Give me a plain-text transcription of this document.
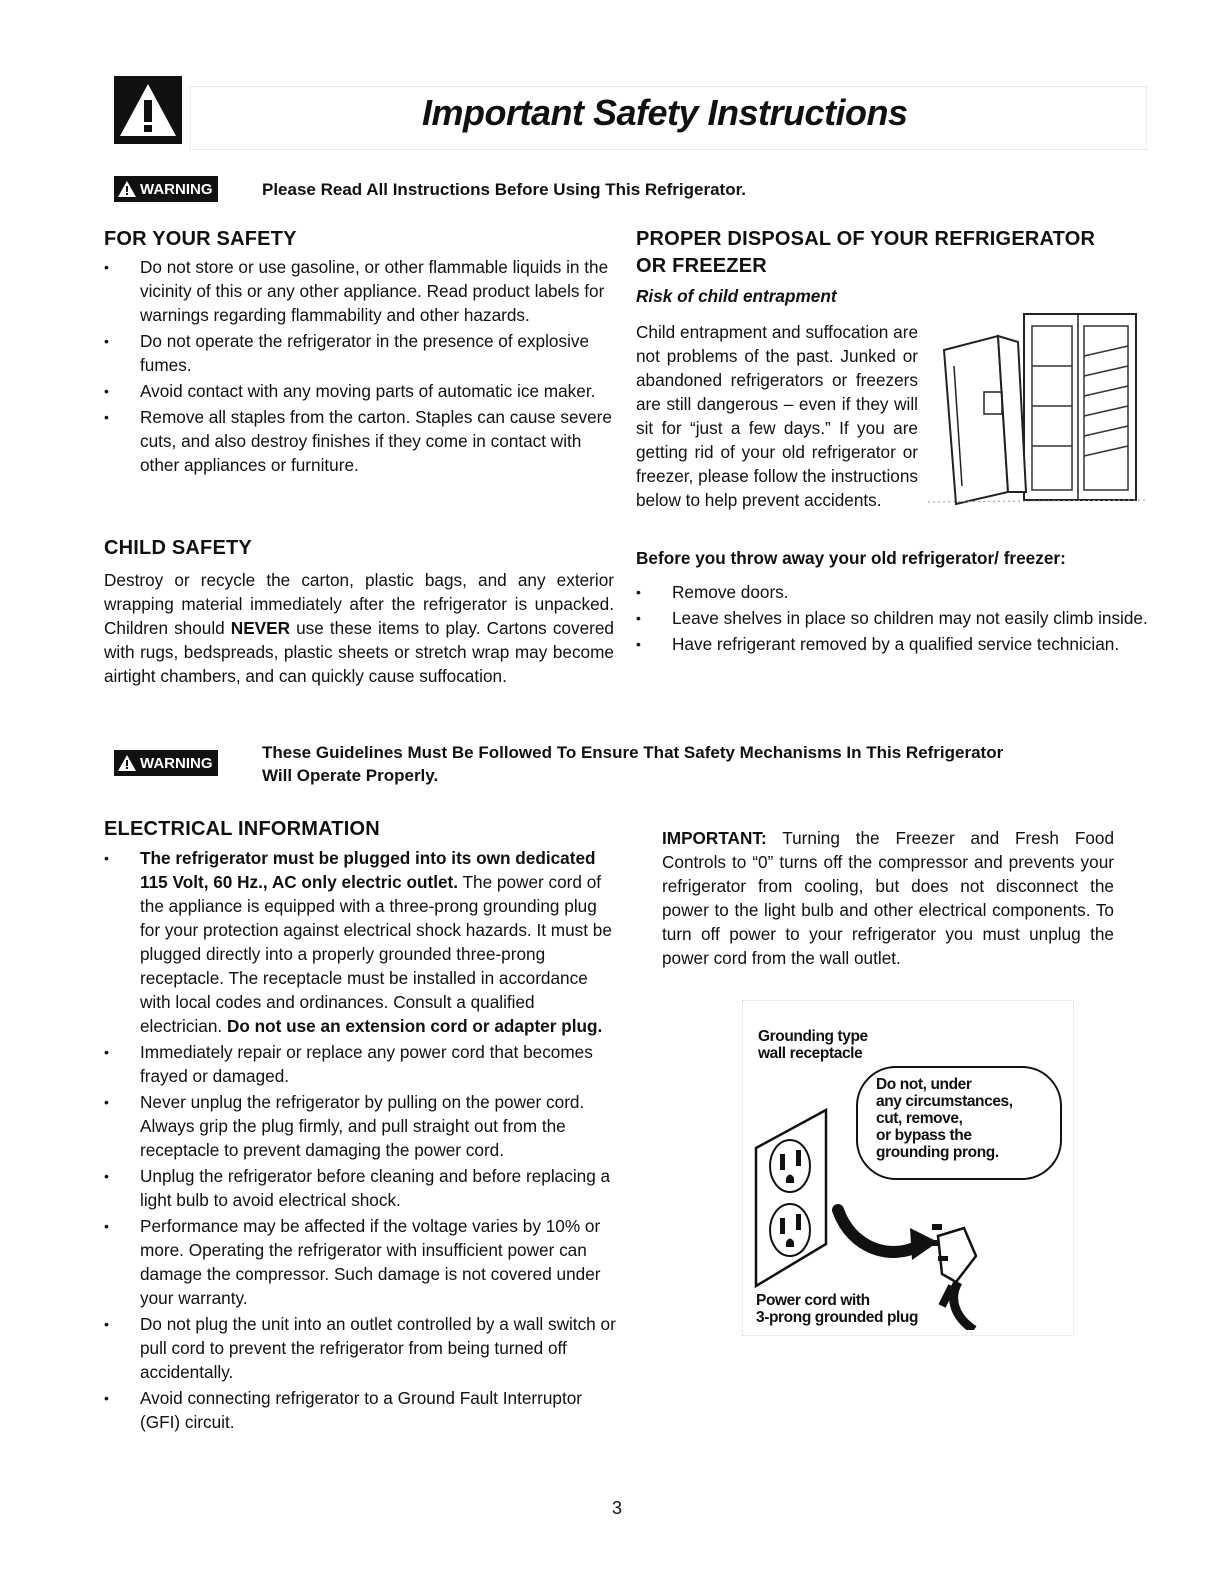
Important Safety Instructions
WARNING	Please Read All Instructions Before Using This Refrigerator.
FOR YOUR SAFETY
• Do not store or use gasoline, or other flammable liquids in the vicinity of this or any other appliance. Read product labels for warnings regarding flammability and other hazards.
• Do not operate the refrigerator in the presence of explosive fumes.
• Avoid contact with any moving parts of automatic ice maker.
• Remove all staples from the carton. Staples can cause severe cuts, and also destroy finishes if they come in contact with other appliances or furniture.
CHILD SAFETY
Destroy or recycle the carton, plastic bags, and any exterior wrapping material immediately after the refrigerator is unpacked. Children should NEVER use these items to play. Cartons covered with rugs, bedspreads, plastic sheets or stretch wrap may become airtight chambers, and can quickly cause suffocation.
PROPER DISPOSAL OF YOUR REFRIGERATOR
OR FREEZER
Risk of child entrapment
Child entrapment and suffocation are not problems of the past. Junked or abandoned refrigerators or freezers are still dangerous – even if they will sit for “just a few days.” If you are getting rid of your old refrigerator or freezer, please follow the instructions below to help prevent accidents.
Before you throw away your old refrigerator/ freezer:
• Remove doors.
• Leave shelves in place so children may not easily climb inside.
• Have refrigerant removed by a qualified service technician.
WARNING
These Guidelines Must Be Followed To Ensure That Safety Mechanisms In This Refrigerator
Will Operate Properly.
ELECTRICAL INFORMATION
• The refrigerator must be plugged into its own dedicated 115 Volt, 60 Hz., AC only electric outlet. The power cord of the appliance is equipped with a three-prong grounding plug for your protection against electrical shock hazards. It must be plugged directly into a properly grounded three-prong receptacle. The receptacle must be installed in accordance with local codes and ordinances. Consult a qualified electrician. Do not use an extension cord or adapter plug.
• Immediately repair or replace any power cord that becomes frayed or damaged.
• Never unplug the refrigerator by pulling on the power cord. Always grip the plug firmly, and pull straight out from the receptacle to prevent damaging the power cord.
• Unplug the refrigerator before cleaning and before replacing a light bulb to avoid electrical shock.
• Performance may be affected if the voltage varies by 10% or more. Operating the refrigerator with insufficient power can damage the compressor. Such damage is not covered under your warranty.
• Do not plug the unit into an outlet controlled by a wall switch or pull cord to prevent the refrigerator from being turned off accidentally.
• Avoid connecting refrigerator to a Ground Fault Interruptor (GFI) circuit.
IMPORTANT: Turning the Freezer and Fresh Food Controls to “0” turns off the compressor and prevents your refrigerator from cooling, but does not disconnect the power to the light bulb and other electrical components. To turn off power to your refrigerator you must unplug the power cord from the wall outlet.
Grounding type
wall receptacle
Do not, under
any circumstances,
cut, remove,
or bypass the
grounding prong.
Power cord with
3-prong grounded plug
3
